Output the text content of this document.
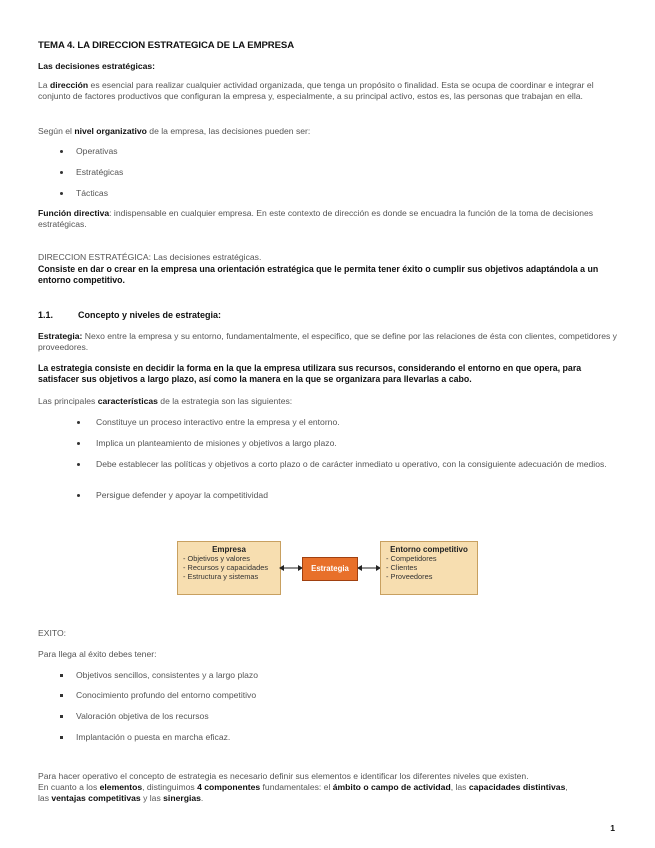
TEMA 4. LA DIRECCION ESTRATEGICA DE LA EMPRESA
Las decisiones estratégicas:
La dirección es esencial para realizar cualquier actividad organizada, que tenga un propósito o finalidad. Esta se ocupa de coordinar e integrar el conjunto de factores productivos que configuran la empresa y, especialmente, a su principal activo, estos es, las personas que trabajan en ella.
Según el nivel organizativo de la empresa, las decisiones pueden ser:
Operativas
Estratégicas
Tácticas
Función directiva: indispensable en cualquier empresa. En este contexto de dirección es donde se encuadra la función de la toma de decisiones estratégicas.
DIRECCION ESTRATÉGICA: Las decisiones estratégicas.
Consiste en dar o crear en la empresa una orientación estratégica que le permita tener éxito o cumplir sus objetivos adaptándola a un entorno competitivo.
1.1.	Concepto y niveles de estrategia:
Estrategia: Nexo entre la empresa y su entorno, fundamentalmente, el especifico, que se define por las relaciones de ésta con clientes, competidores y proveedores.
La estrategia consiste en decidir la forma en la que la empresa utilizara sus recursos, considerando el entorno en que opera, para satisfacer sus objetivos a largo plazo, así como la manera en la que se organizara para llevarlas a cabo.
Las principales características de la estrategia son las siguientes:
Constituye un proceso interactivo entre la empresa y el entorno.
Implica un planteamiento de misiones y objetivos a largo plazo.
Debe establecer las políticas y objetivos a corto plazo o de carácter inmediato u operativo, con la consiguiente adecuación de medios.
Persigue defender y apoyar la competitividad
Empresa
- Objetivos y valores
- Recursos y capacidades
- Estructura y sistemas
Estrategia
Entorno competitivo
- Competidores
- Clientes
- Proveedores
EXITO:
Para llega al éxito debes tener:
Objetivos sencillos, consistentes y a largo plazo
Conocimiento profundo del entorno competitivo
Valoración objetiva de los recursos
Implantación o puesta en marcha eficaz.
Para hacer operativo el concepto de estrategia es necesario definir sus elementos e identificar los diferentes niveles que existen.
En cuanto a los elementos, distinguimos 4 componentes fundamentales: el ámbito o campo de actividad, las capacidades distintivas,
las ventajas competitivas y las sinergias.
1
